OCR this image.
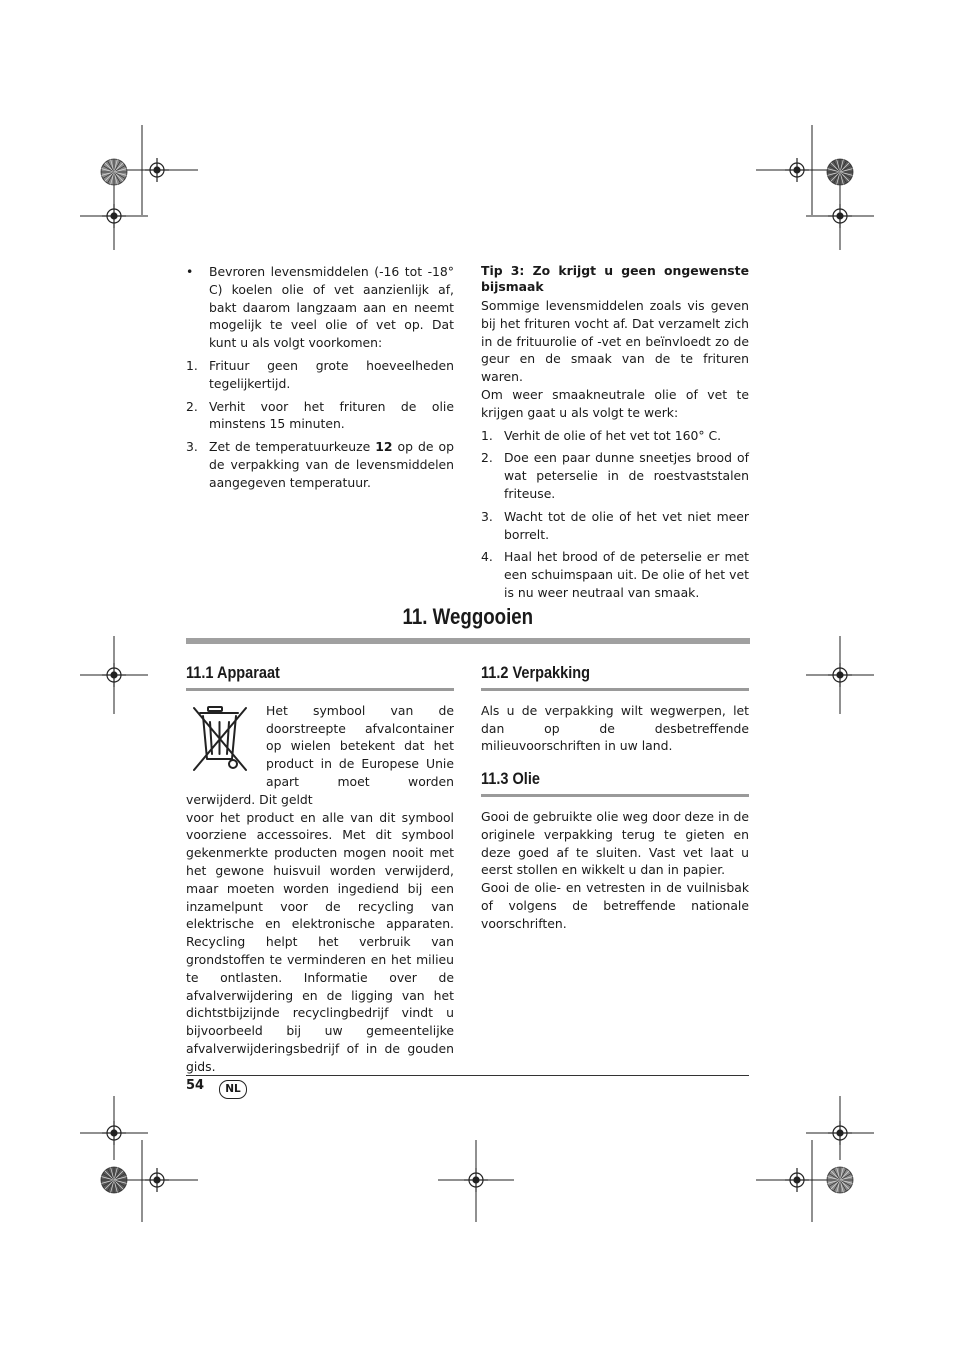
• Bevroren levensmiddelen (-16 tot -18° C) koelen olie of vet aanzienlijk af, bakt daarom langzaam aan en neemt mogelijk te veel olie of vet op. Dat kunt u als volgt voorkomen:
1. Frituur geen grote hoeveelheden tegelijkertijd.
2. Verhit voor het frituren de olie minstens 15 minuten.
3. Zet de temperatuurkeuze 12 op de op de verpakking van de levensmiddelen aangegeven temperatuur.
Tip 3: Zo krijgt u geen ongewenste bijsmaak

Sommige levensmiddelen zoals vis geven bij het frituren vocht af. Dat verzamelt zich in de frituurolie of -vet en beïnvloedt zo de geur en de smaak van de te frituren waren.

Om weer smaakneutrale olie of vet te krijgen gaat u als volgt te werk:

1. Verhit de olie of het vet tot 160° C.
2. Doe een paar dunne sneetjes brood of wat peterselie in de roestvaststalen friteuse.
3. Wacht tot de olie of het vet niet meer borrelt.
4. Haal het brood of de peterselie er met een schuimspaan uit. De olie of het vet is nu weer neutraal van smaak.
11. Weggooien
11.1 Apparaat

Het symbool van de doorstreepte afvalcontainer op wielen betekent dat het product in de Europese Unie apart moet worden verwijderd. Dit geldt

voor het product en alle van dit symbool voorziene accessoires. Met dit symbool gekenmerkte producten mogen nooit met het gewone huisvuil worden verwijderd, maar moeten worden ingediend bij een inzamelpunt voor de recycling van elektrische en elektronische apparaten. Recycling helpt het verbruik van grondstoffen te verminderen en het milieu te ontlasten. Informatie over de afvalverwijdering en de ligging van het dichtstbijzijnde recyclingbedrijf vindt u bijvoorbeeld bij uw gemeentelijke afvalverwijderingsbedrijf of in de gouden gids.

11.2 Verpakking

Als u de verpakking wilt wegwerpen, let dan op de desbetreffende milieuvoorschriften in uw land.

11.3 Olie

Gooi de gebruikte olie weg door deze in de originele verpakking terug te gieten en deze goed af te sluiten. Vast vet laat u eerst stollen en wikkelt u dan in papier.

Gooi de olie- en vetresten in de vuilnisbak of volgens de betreffende nationale voorschriften.

54	NL
